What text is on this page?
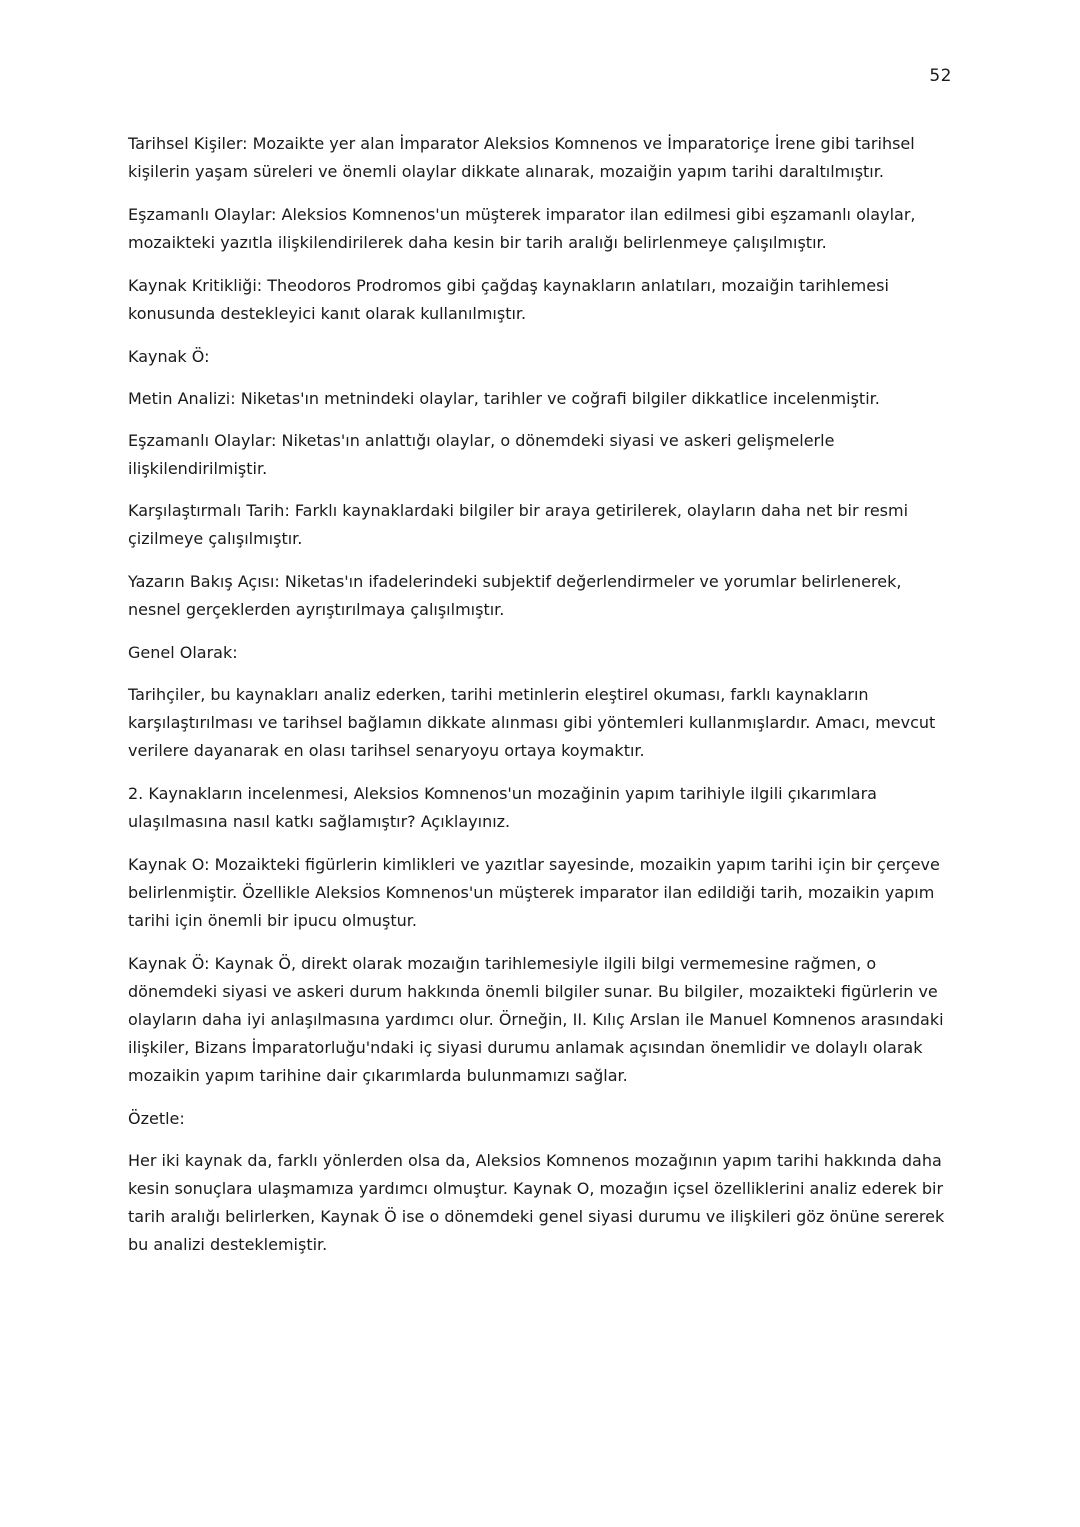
52

Tarihsel Kişiler: Mozaikte yer alan İmparator Aleksios Komnenos ve İmparatoriçe İrene gibi tarihsel kişilerin yaşam süreleri ve önemli olaylar dikkate alınarak, mozaiğin yapım tarihi daraltılmıştır.

Eşzamanlı Olaylar: Aleksios Komnenos'un müşterek imparator ilan edilmesi gibi eşzamanlı olaylar, mozaikteki yazıtla ilişkilendirilerek daha kesin bir tarih aralığı belirlenmeye çalışılmıştır.

Kaynak Kritikliği: Theodoros Prodromos gibi çağdaş kaynakların anlatıları, mozaiğin tarihlemesi konusunda destekleyici kanıt olarak kullanılmıştır.

Kaynak Ö:

Metin Analizi: Niketas'ın metnindeki olaylar, tarihler ve coğrafi bilgiler dikkatlice incelenmiştir.

Eşzamanlı Olaylar: Niketas'ın anlattığı olaylar, o dönemdeki siyasi ve askeri gelişmelerle ilişkilendirilmiştir.

Karşılaştırmalı Tarih: Farklı kaynaklardaki bilgiler bir araya getirilerek, olayların daha net bir resmi çizilmeye çalışılmıştır.

Yazarın Bakış Açısı: Niketas'ın ifadelerindeki subjektif değerlendirmeler ve yorumlar belirlenerek, nesnel gerçeklerden ayrıştırılmaya çalışılmıştır.

Genel Olarak:

Tarihçiler, bu kaynakları analiz ederken, tarihi metinlerin eleştirel okuması, farklı kaynakların karşılaştırılması ve tarihsel bağlamın dikkate alınması gibi yöntemleri kullanmışlardır. Amacı, mevcut verilere dayanarak en olası tarihsel senaryoyu ortaya koymaktır.

2. Kaynakların incelenmesi, Aleksios Komnenos'un mozağinin yapım tarihiyle ilgili çıkarımlara ulaşılmasına nasıl katkı sağlamıştır? Açıklayınız.

Kaynak O: Mozaikteki figürlerin kimlikleri ve yazıtlar sayesinde, mozaikin yapım tarihi için bir çerçeve belirlenmiştir. Özellikle Aleksios Komnenos'un müşterek imparator ilan edildiği tarih, mozaikin yapım tarihi için önemli bir ipucu olmuştur.

Kaynak Ö: Kaynak Ö, direkt olarak mozaığın tarihlemesiyle ilgili bilgi vermemesine rağmen, o dönemdeki siyasi ve askeri durum hakkında önemli bilgiler sunar. Bu bilgiler, mozaikteki figürlerin ve olayların daha iyi anlaşılmasına yardımcı olur. Örneğin, II. Kılıç Arslan ile Manuel Komnenos arasındaki ilişkiler, Bizans İmparatorluğu'ndaki iç siyasi durumu anlamak açısından önemlidir ve dolaylı olarak mozaikin yapım tarihine dair çıkarımlarda bulunmamızı sağlar.

Özetle:

Her iki kaynak da, farklı yönlerden olsa da, Aleksios Komnenos mozağının yapım tarihi hakkında daha kesin sonuçlara ulaşmamıza yardımcı olmuştur. Kaynak O, mozağın içsel özelliklerini analiz ederek bir tarih aralığı belirlerken, Kaynak Ö ise o dönemdeki genel siyasi durumu ve ilişkileri göz önüne sererek bu analizi desteklemiştir.
